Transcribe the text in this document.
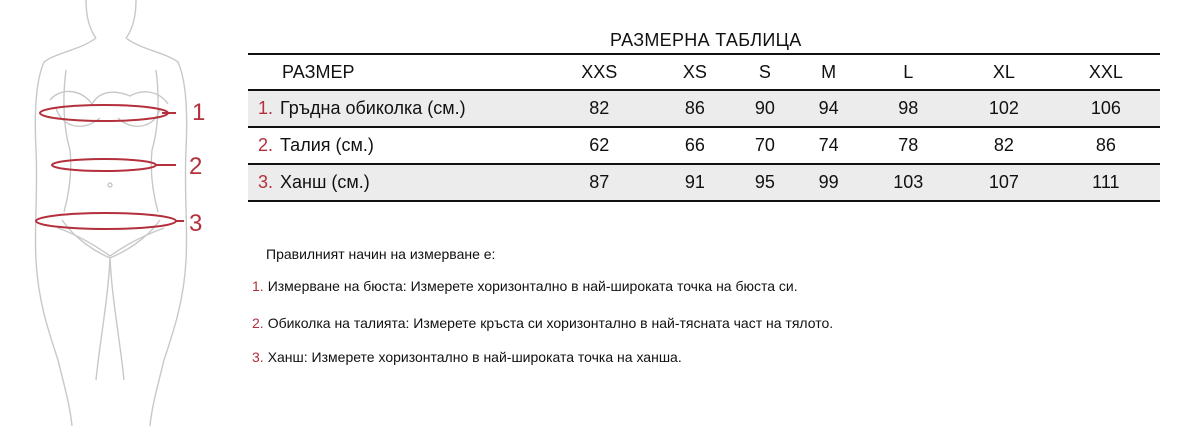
1
2
3
РАЗМЕРНА ТАБЛИЦА
РАЗМЕР	XXS	XS	S	M	L	XL	XXL
1. Гръдна обиколка (см.)	82	86	90	94	98	102	106
2. Талия (см.)	62	66	70	74	78	82	86
3. Ханш (см.)	87	91	95	99	103	107	111
Правилният начин на измерване е:
1. Измерване на бюста: Измерете хоризонтално в най-широката точка на бюста си.
2. Обиколка на талията: Измерете кръста си хоризонтално в най-тясната част на тялото.
3. Ханш: Измерете хоризонтално в най-широката точка на ханша.
